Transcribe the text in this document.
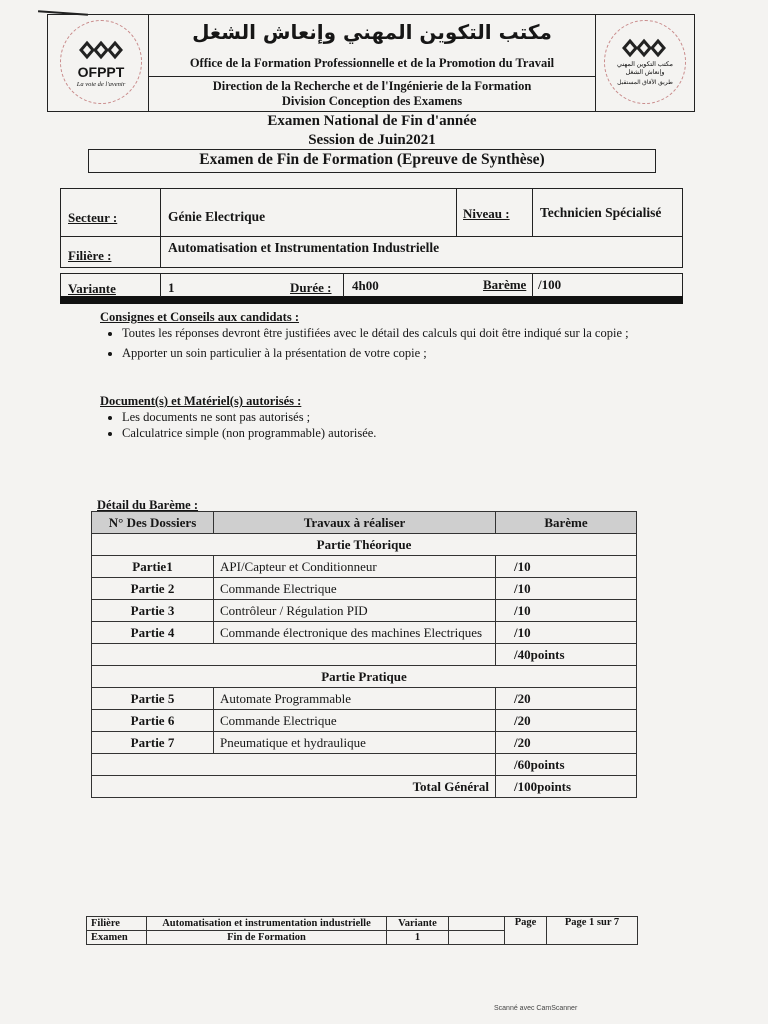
OFPPT
La voie de l'avenir
مكتب التكوين المهني وإنعاش الشغل
طريق الآفاق المستقبل
مكتب التكوين المهني وإنعاش الشغل
Office de la Formation Professionnelle et de la Promotion du Travail
Direction de la Recherche et de l'Ingénierie de la Formation
Division Conception des Examens
Examen National de Fin d'année
Session de Juin2021
Examen de Fin de Formation (Epreuve de Synthèse)
Secteur :	Génie Electrique	Niveau : Technicien Spécialisé
Filière :
Automatisation et Instrumentation Industrielle
Variante	1	Durée : 4h00	Barème /100
Consignes et Conseils aux candidats :
• Toutes les réponses devront être justifiées avec le détail des calculs qui doit être indiqué sur la copie ;
• Apporter un soin particulier à la présentation de votre copie ;
Document(s) et Matériel(s) autorisés :
• Les documents ne sont pas autorisés ;
• Calculatrice simple (non programmable) autorisée.
Détail du Barème :
N° Des Dossiers	Travaux à réaliser	Barème
Partie Théorique		
Partie1	API/Capteur et Conditionneur	/10
Partie 2	Commande Electrique	/10
Partie 3	Contrôleur / Régulation PID	/10
Partie 4	Commande électronique des machines Electriques	/10
		/40points
Partie Pratique		
Partie 5	Automate Programmable	/20
Partie 6	Commande Electrique	/20
Partie 7	Pneumatique et hydraulique	/20
		/60points
Total Général		/100points
Filière	Automatisation et instrumentation industrielle	Variante		Page	Page 1 sur 7
Examen	Fin de Formation	1			
Scanné avec CamScanner
